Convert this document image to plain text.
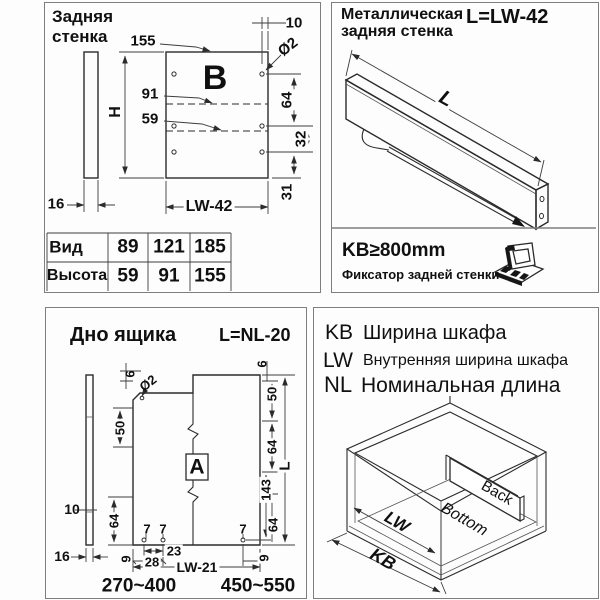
Задняя стенка
B
155
10
Ø2
H
91
59
64
32
31
LW-42
16
Вид
Высота
89 121 185
59 91 155
Металлическая
задняя стенка
L=LW-42
L
KB≥800mm
Фиксатор задней стенки
Дно ящика L=NL-20
A
6 Ø2
50
64
7 7
9
23
28 LW-21
10
16
6
50
64
143
L
64
7
9
270~400 450~550
KB Ширина шкафа
LW Внутренняя ширина шкафа
NL Номинальная длина
Back
Bottom
LW
KB
